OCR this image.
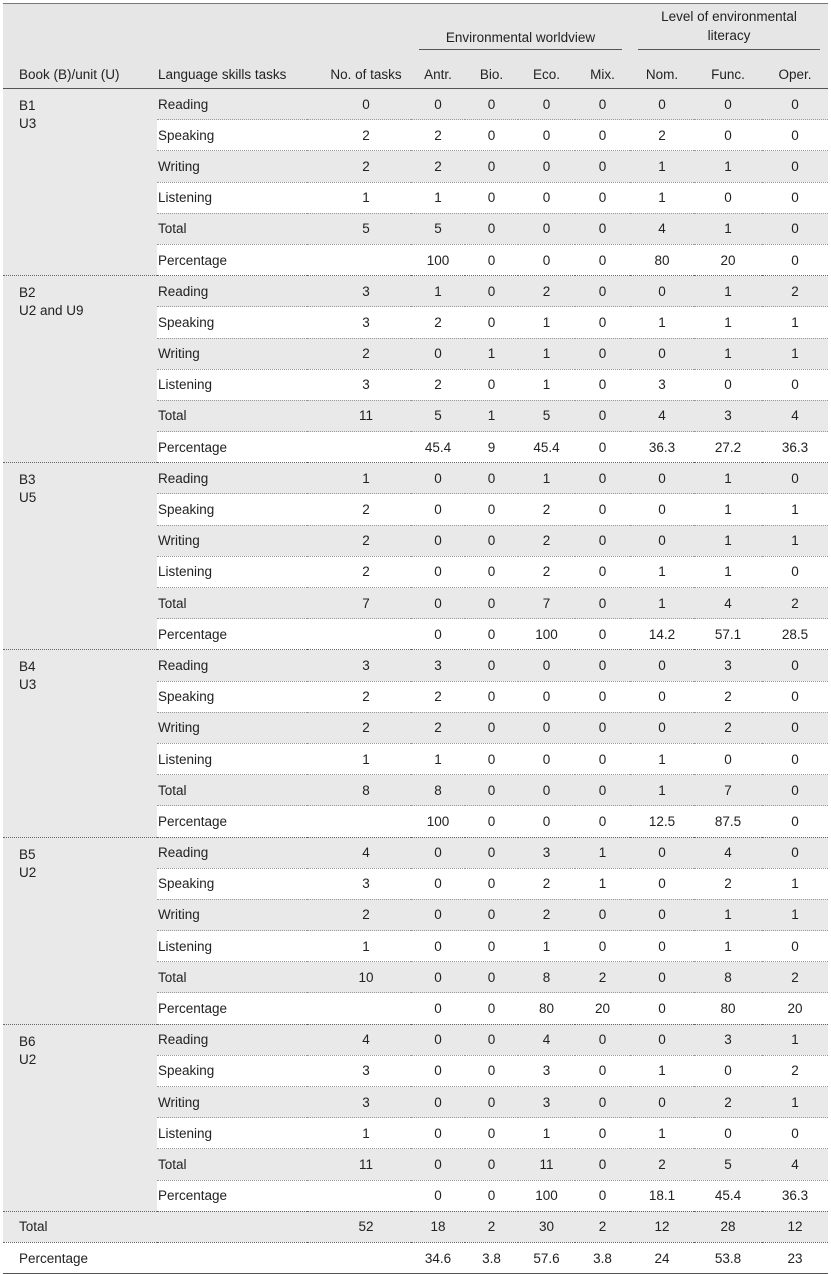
			Environmental worldview				Level of environmental
literacy		

Book (B)/unit (U)	Language skills tasks	No. of tasks	Antr.	Bio.	Eco.	Mix.	Nom.	Func.	Oper.

B1
U3	Reading	0	0	0	0	0	0	0	0
	Speaking	2	2	0	0	0	2	0	0
	Writing	2	2	0	0	0	1	1	0
	Listening	1	1	0	0	0	1	0	0
	Total	5	5	0	0	0	4	1	0
	Percentage		100	0	0	0	80	20	0

B2
U2 and U9	Reading	3	1	0	2	0	0	1	2
	Speaking	3	2	0	1	0	1	1	1
	Writing	2	0	1	1	0	0	1	1
	Listening	3	2	0	1	0	3	0	0
	Total	11	5	1	5	0	4	3	4
	Percentage		45.4	9	45.4	0	36.3	27.2	36.3

B3
U5	Reading	1	0	0	1	0	0	1	0
	Speaking	2	0	0	2	0	0	1	1
	Writing	2	0	0	2	0	0	1	1
	Listening	2	0	0	2	0	1	1	0
	Total	7	0	0	7	0	1	4	2
	Percentage		0	0	100	0	14.2	57.1	28.5

B4
U3	Reading	3	3	0	0	0	0	3	0
	Speaking	2	2	0	0	0	0	2	0
	Writing	2	2	0	0	0	0	2	0
	Listening	1	1	0	0	0	1	0	0
	Total	8	8	0	0	0	1	7	0
	Percentage		100	0	0	0	12.5	87.5	0

B5
U2	Reading	4	0	0	3	1	0	4	0
	Speaking	3	0	0	2	1	0	2	1
	Writing	2	0	0	2	0	0	1	1
	Listening	1	0	0	1	0	0	1	0
	Total	10	0	0	8	2	0	8	2
	Percentage		0	0	80	20	0	80	20

B6
U2	Reading	4	0	0	4	0	0	3	1
	Speaking	3	0	0	3	0	1	0	2
	Writing	3	0	0	3	0	0	2	1
	Listening	1	0	0	1	0	1	0	0
	Total	11	0	0	11	0	2	5	4
	Percentage		0	0	100	0	18.1	45.4	36.3
Total		52	18	2	30	2	12	28	12
Percentage			34.6	3.8	57.6	3.8	24	53.8	23
